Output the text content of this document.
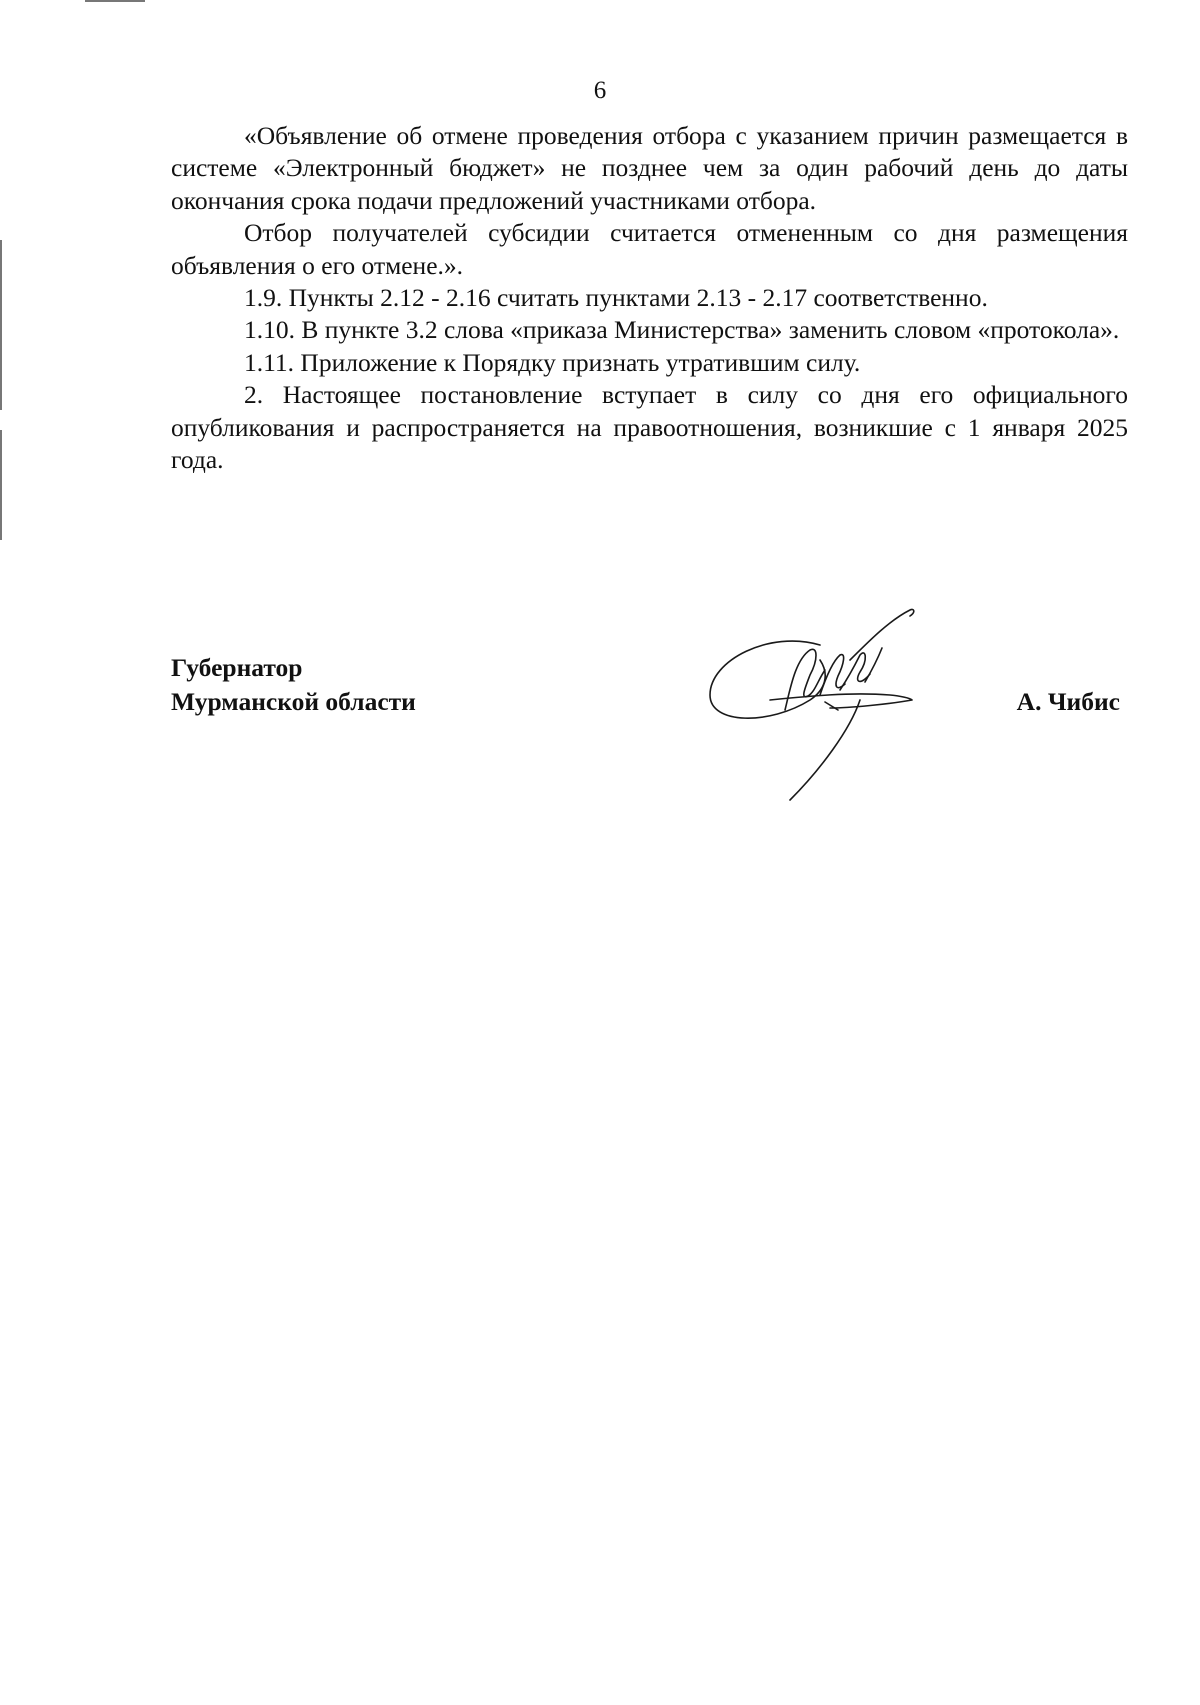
6

«Объявление об отмене проведения отбора с указанием причин размещается в системе «Электронный бюджет» не позднее чем за один рабочий день до даты окончания срока подачи предложений участниками отбора.

Отбор получателей субсидии считается отмененным со дня размещения объявления о его отмене.».

1.9. Пункты 2.12 - 2.16 считать пунктами 2.13 - 2.17 соответственно.

1.10. В пункте 3.2 слова «приказа Министерства» заменить словом «протокола».

1.11. Приложение к Порядку признать утратившим силу.

2. Настоящее постановление вступает в силу со дня его официального опубликования и распространяется на правоотношения, возникшие с 1 января 2025 года.

Губернатор
Мурманской области	А. Чибис
